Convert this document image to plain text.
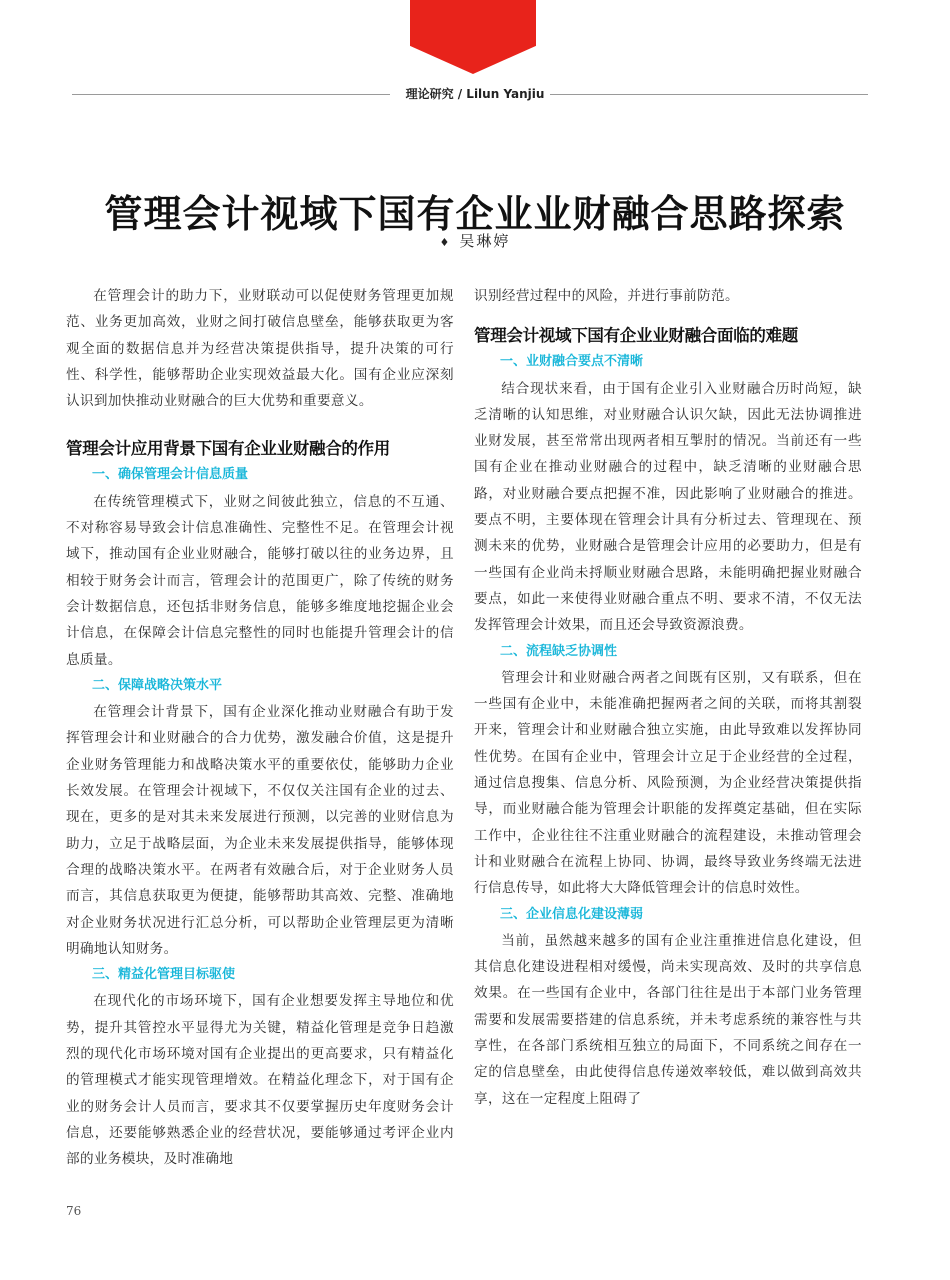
理论研究 / Lilun Yanjiu
管理会计视域下国有企业业财融合思路探索
♦ 吴琳婷

在管理会计的助力下，业财联动可以促使财务管理更加规范、业务更加高效，业财之间打破信息壁垒，能够获取更为客观全面的数据信息并为经营决策提供指导，提升决策的可行性、科学性，能够帮助企业实现效益最大化。国有企业应深刻认识到加快推动业财融合的巨大优势和重要意义。

管理会计应用背景下国有企业业财融合的作用
一、确保管理会计信息质量

在传统管理模式下，业财之间彼此独立，信息的不互通、不对称容易导致会计信息准确性、完整性不足。在管理会计视域下，推动国有企业业财融合，能够打破以往的业务边界，且相较于财务会计而言，管理会计的范围更广，除了传统的财务会计数据信息，还包括非财务信息，能够多维度地挖掘企业会计信息，在保障会计信息完整性的同时也能提升管理会计的信息质量。

二、保障战略决策水平

在管理会计背景下，国有企业深化推动业财融合有助于发挥管理会计和业财融合的合力优势，激发融合价值，这是提升企业财务管理能力和战略决策水平的重要依仗，能够助力企业长效发展。在管理会计视域下，不仅仅关注国有企业的过去、现在，更多的是对其未来发展进行预测，以完善的业财信息为助力，立足于战略层面，为企业未来发展提供指导，能够体现合理的战略决策水平。在两者有效融合后，对于企业财务人员而言，其信息获取更为便捷，能够帮助其高效、完整、准确地对企业财务状况进行汇总分析，可以帮助企业管理层更为清晰明确地认知财务。

三、精益化管理目标驱使

在现代化的市场环境下，国有企业想要发挥主导地位和优势，提升其管控水平显得尤为关键，精益化管理是竞争日趋激烈的现代化市场环境对国有企业提出的更高要求，只有精益化的管理模式才能实现管理增效。在精益化理念下，对于国有企业的财务会计人员而言，要求其不仅要掌握历史年度财务会计信息，还要能够熟悉企业的经营状况，要能够通过考评企业内部的业务模块，及时准确地

识别经营过程中的风险，并进行事前防范。

管理会计视域下国有企业业财融合面临的难题
一、业财融合要点不清晰

结合现状来看，由于国有企业引入业财融合历时尚短，缺乏清晰的认知思维，对业财融合认识欠缺，因此无法协调推进业财发展，甚至常常出现两者相互掣肘的情况。当前还有一些国有企业在推动业财融合的过程中，缺乏清晰的业财融合思路，对业财融合要点把握不准，因此影响了业财融合的推进。要点不明，主要体现在管理会计具有分析过去、管理现在、预测未来的优势，业财融合是管理会计应用的必要助力，但是有一些国有企业尚未捋顺业财融合思路，未能明确把握业财融合要点，如此一来使得业财融合重点不明、要求不清，不仅无法发挥管理会计效果，而且还会导致资源浪费。

二、流程缺乏协调性

管理会计和业财融合两者之间既有区别，又有联系，但在一些国有企业中，未能准确把握两者之间的关联，而将其割裂开来，管理会计和业财融合独立实施，由此导致难以发挥协同性优势。在国有企业中，管理会计立足于企业经营的全过程，通过信息搜集、信息分析、风险预测，为企业经营决策提供指导，而业财融合能为管理会计职能的发挥奠定基础，但在实际工作中，企业往往不注重业财融合的流程建设，未推动管理会计和业财融合在流程上协同、协调，最终导致业务终端无法进行信息传导，如此将大大降低管理会计的信息时效性。

三、企业信息化建设薄弱

当前，虽然越来越多的国有企业注重推进信息化建设，但其信息化建设进程相对缓慢，尚未实现高效、及时的共享信息效果。在一些国有企业中，各部门往往是出于本部门业务管理需要和发展需要搭建的信息系统，并未考虑系统的兼容性与共享性，在各部门系统相互独立的局面下，不同系统之间存在一定的信息壁垒，由此使得信息传递效率较低，难以做到高效共享，这在一定程度上阻碍了

76
